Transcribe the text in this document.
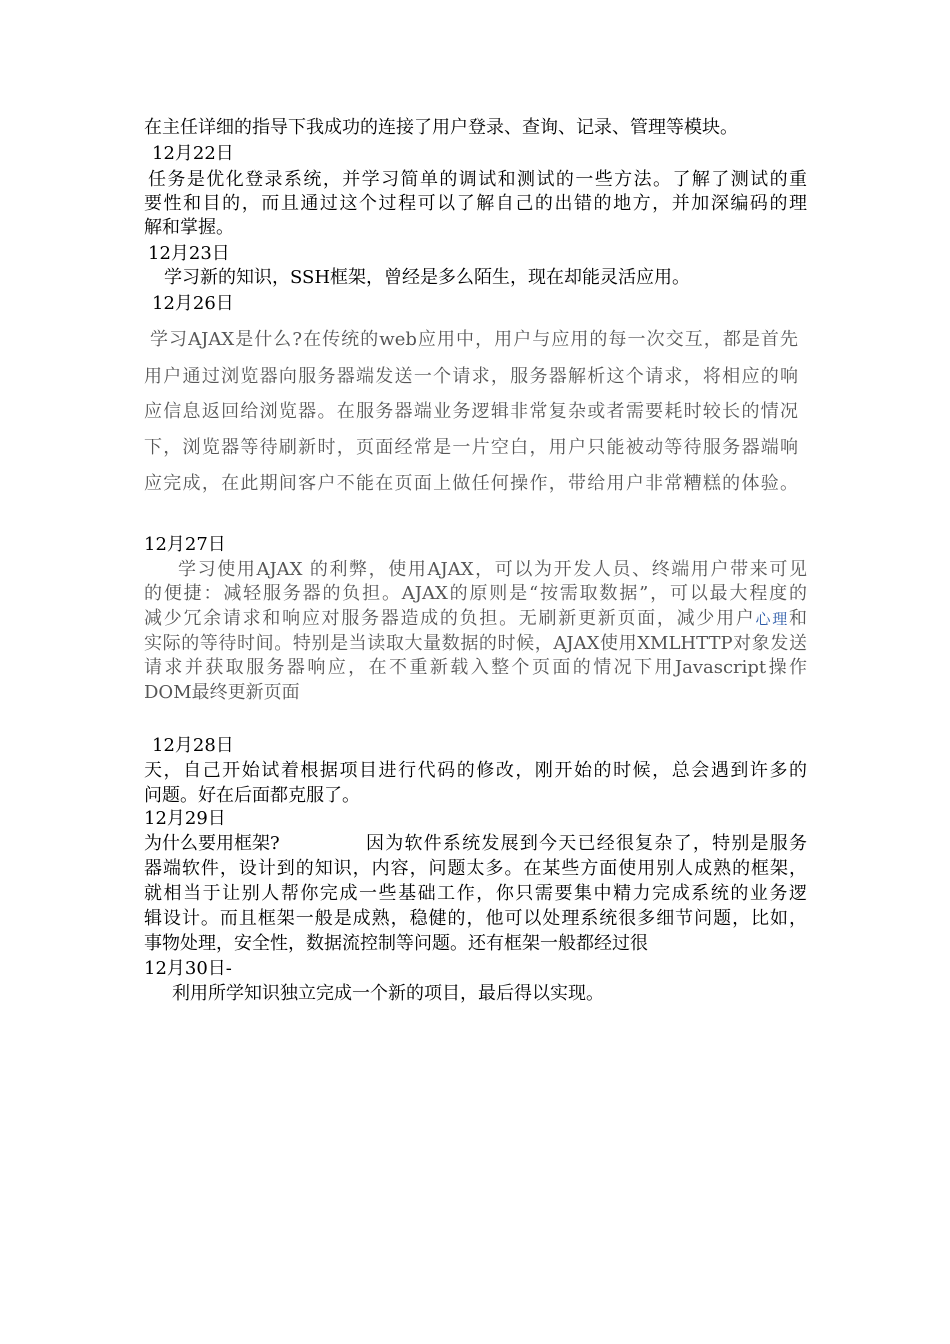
在主任详细的指导下我成功的连接了用户登录、查询、记录、管理等模块。
12月22日
任务是优化登录系统，并学习简单的调试和测试的一些方法。了解了测试的重
要性和目的，而且通过这个过程可以了解自己的出错的地方，并加深编码的理
解和掌握。
12月23日
学习新的知识，SSH框架，曾经是多么陌生，现在却能灵活应用。
12月26日
学习AJAX是什么?在传统的web应用中，用户与应用的每一次交互，都是首先
用户通过浏览器向服务器端发送一个请求，服务器解析这个请求，将相应的响
应信息返回给浏览器。在服务器端业务逻辑非常复杂或者需要耗时较长的情况
下，浏览器等待刷新时，页面经常是一片空白，用户只能被动等待服务器端响
应完成，在此期间客户不能在页面上做任何操作，带给用户非常糟糕的体验。
12月27日
学习使用AJAX 的利弊，使用AJAX，可以为开发人员、终端用户带来可见
的便捷：减轻服务器的负担。AJAX的原则是“按需取数据”，可以最大程度的
减少冗余请求和响应对服务器造成的负担。无刷新更新页面，减少用户心理和
实际的等待时间。特别是当读取大量数据的时候，AJAX使用XMLHTTP对象发送
请求并获取服务器响应，在不重新载入整个页面的情况下用Javascript操作
DOM最终更新页面
12月28日
天，自己开始试着根据项目进行代码的修改，刚开始的时候，总会遇到许多的
问题。好在后面都克服了。
12月29日
为什么要用框架?	因为软件系统发展到今天已经很复杂了，特别是服务
器端软件，设计到的知识，内容，问题太多。在某些方面使用别人成熟的框架，
就相当于让别人帮你完成一些基础工作，你只需要集中精力完成系统的业务逻
辑设计。而且框架一般是成熟，稳健的，他可以处理系统很多细节问题，比如，
事物处理，安全性，数据流控制等问题。还有框架一般都经过很
12月30日-
利用所学知识独立完成一个新的项目，最后得以实现。
